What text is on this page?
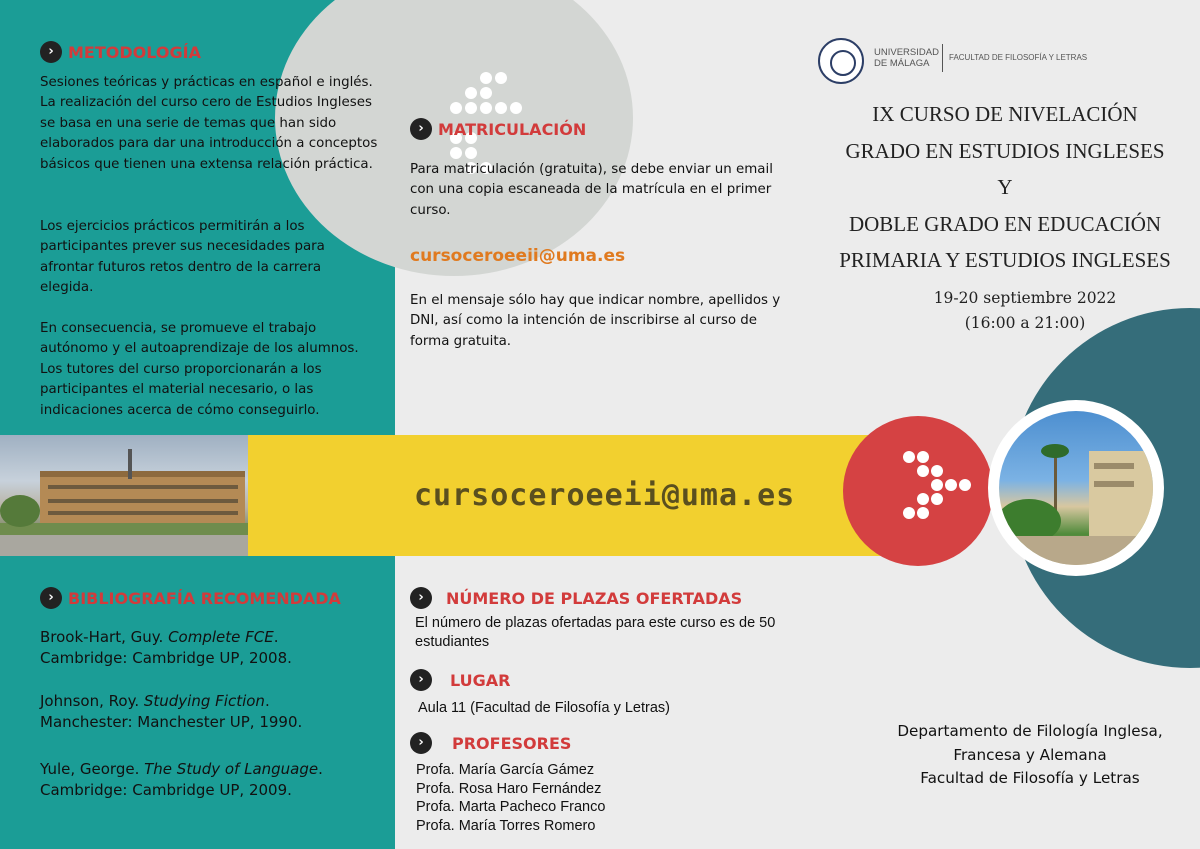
› METODOLOGÍA
Sesiones teóricas y prácticas en español e inglés. La realización del curso cero de Estudios Ingleses se basa en una serie de temas que han sido elaborados para dar una introducción a conceptos básicos que tienen una extensa relación práctica.
Los ejercicios prácticos permitirán a los participantes prever sus necesidades para afrontar futuros retos dentro de la carrera elegida.
En consecuencia, se promueve el trabajo autónomo y el autoaprendizaje de los alumnos. Los tutores del curso proporcionarán a los participantes el material necesario, o las indicaciones acerca de cómo conseguirlo.
› BIBLIOGRAFÍA RECOMENDADA
Brook-Hart, Guy. Complete FCE.
Cambridge: Cambridge UP, 2008.
Johnson, Roy. Studying Fiction.
Manchester: Manchester UP, 1990.
Yule, George. The Study of Language.
Cambridge: Cambridge UP, 2009.
› MATRICULACIÓN
Para matriculación (gratuita), se debe enviar un email con una copia escaneada de la matrícula en el primer curso.
cursoceroeeii@uma.es
En el mensaje sólo hay que indicar nombre, apellidos y DNI, así como la intención de inscribirse al curso de forma gratuita.
cursoceroeeii@uma.es
UNIVERSIDAD
DE MÁLAGA
FACULTAD DE FILOSOFÍA Y LETRAS
IX CURSO DE NIVELACIÓN
GRADO EN ESTUDIOS INGLESES
Y
DOBLE GRADO EN EDUCACIÓN
PRIMARIA Y ESTUDIOS INGLESES
19-20 septiembre 2022
(16:00 a 21:00)
› NÚMERO DE PLAZAS OFERTADAS
El número de plazas ofertadas para este curso es de 50 estudiantes
› LUGAR
Aula 11 (Facultad de Filosofía y Letras)
› PROFESORES
Profa. María García Gámez
Profa. Rosa Haro Fernández
Profa. Marta Pacheco Franco
Profa. María Torres Romero
Departamento de Filología Inglesa,
Francesa y Alemana
Facultad de Filosofía y Letras
